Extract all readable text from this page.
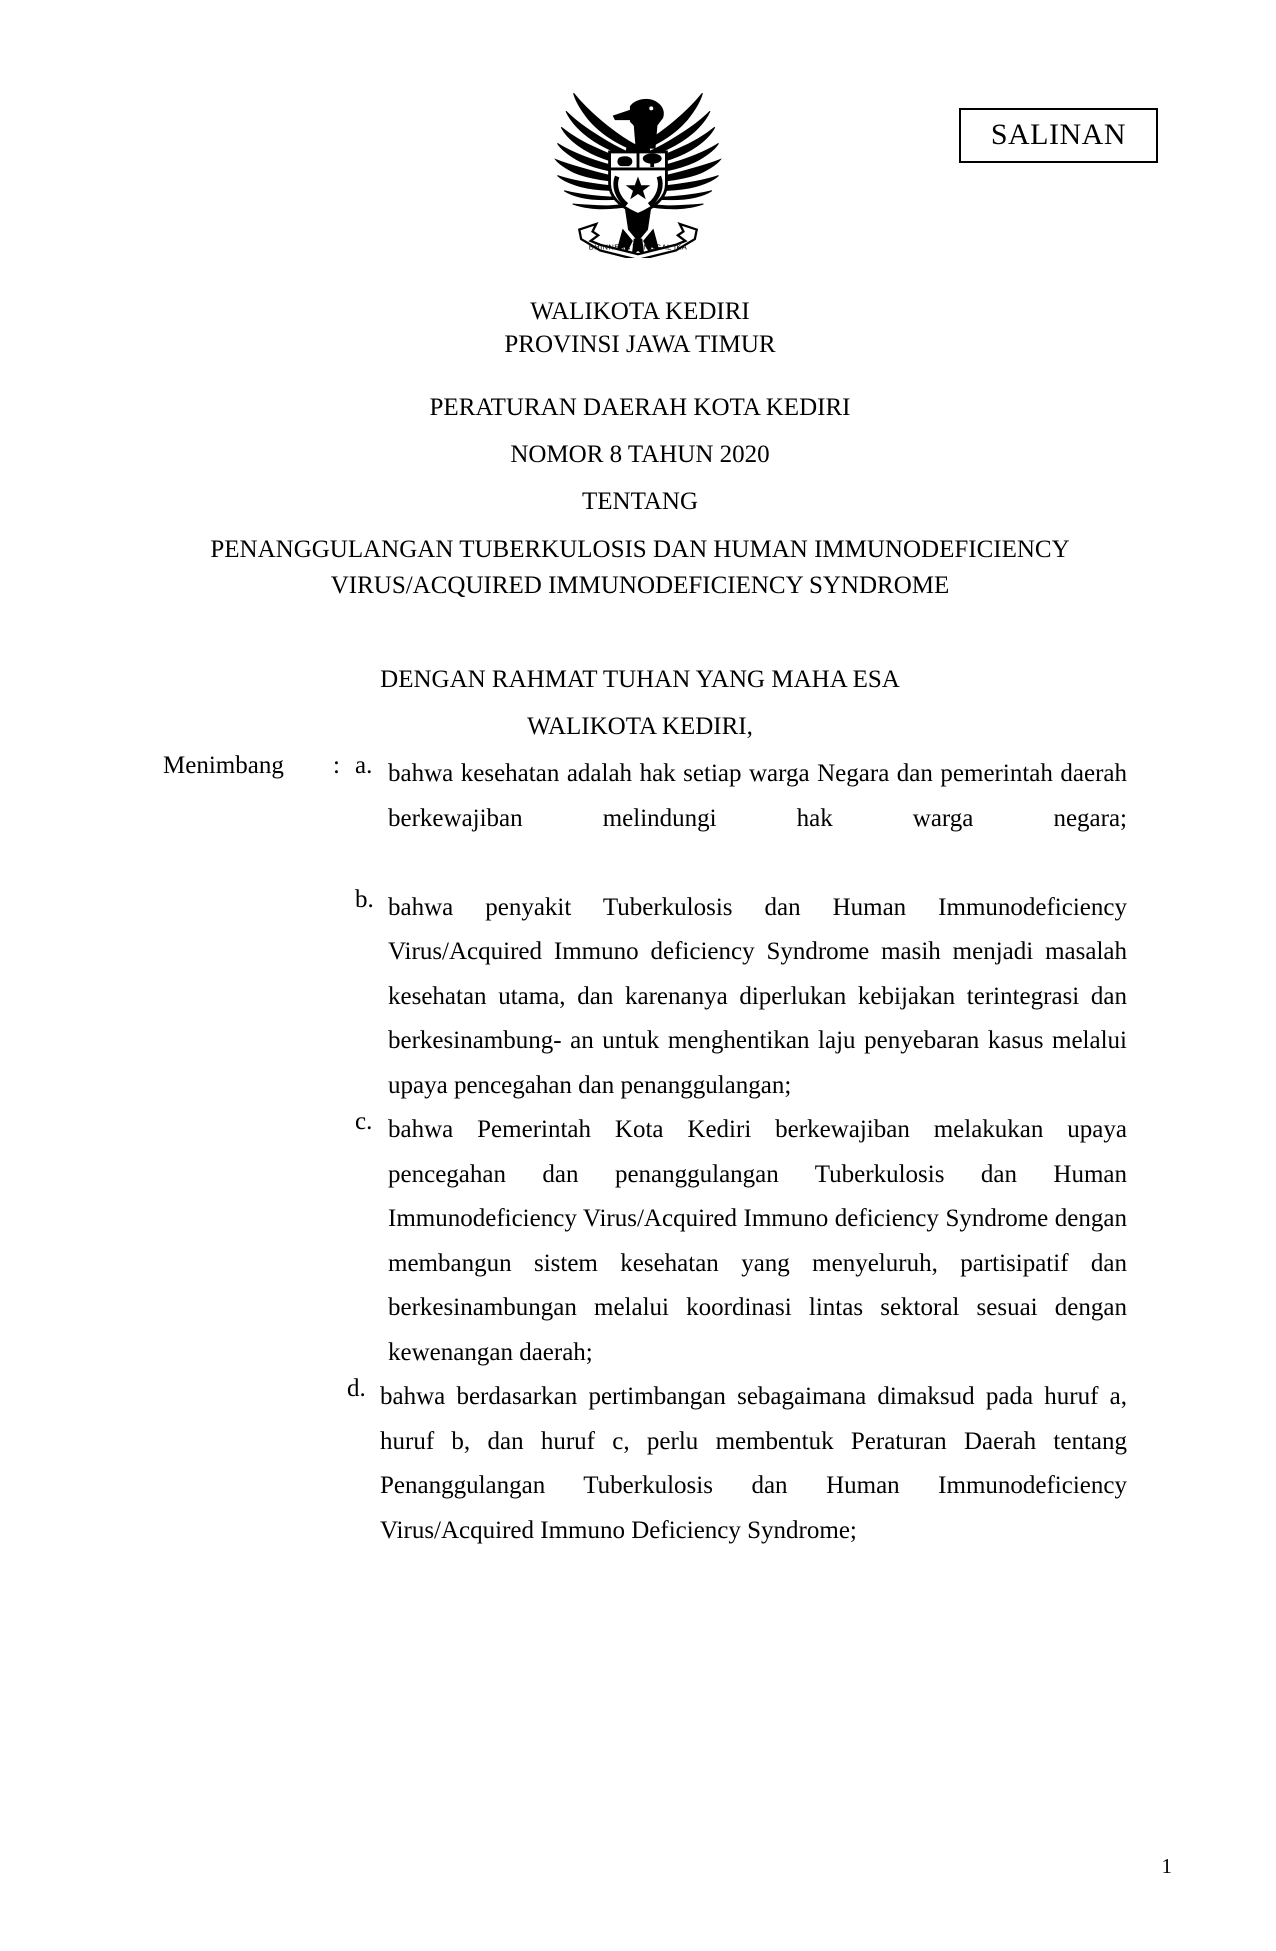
BHINNEKA TUNGGAL IKA
SALINAN
WALIKOTA KEDIRI
PROVINSI JAWA TIMUR
PERATURAN DAERAH KOTA KEDIRI
NOMOR 8 TAHUN 2020
TENTANG
PENANGGULANGAN TUBERKULOSIS DAN HUMAN IMMUNODEFICIENCY
VIRUS/ACQUIRED IMMUNODEFICIENCY SYNDROME
DENGAN RAHMAT TUHAN YANG MAHA ESA
WALIKOTA KEDIRI,
Menimbang	: a. bahwa kesehatan adalah hak setiap warga Negara dan pemerintah daerah berkewajiban melindungi hak warga negara;
b. bahwa penyakit Tuberkulosis dan Human Immunodeficiency Virus/Acquired Immuno deficiency Syndrome masih menjadi masalah kesehatan utama, dan karenanya diperlukan kebijakan terintegrasi dan berkesinambung- an untuk menghentikan laju penyebaran kasus melalui upaya pencegahan dan penanggulangan;
c. bahwa Pemerintah Kota Kediri berkewajiban melakukan upaya pencegahan dan penanggulangan Tuberkulosis dan Human Immunodeficiency Virus/Acquired Immuno deficiency Syndrome dengan membangun sistem kesehatan yang menyeluruh, partisipatif dan berkesinambungan melalui koordinasi lintas sektoral sesuai dengan kewenangan daerah;
d. bahwa berdasarkan pertimbangan sebagaimana dimaksud pada huruf a, huruf b, dan huruf c, perlu membentuk Peraturan Daerah tentang Penanggulangan Tuberkulosis dan Human Immunodeficiency Virus/Acquired Immuno Deficiency Syndrome;
1
